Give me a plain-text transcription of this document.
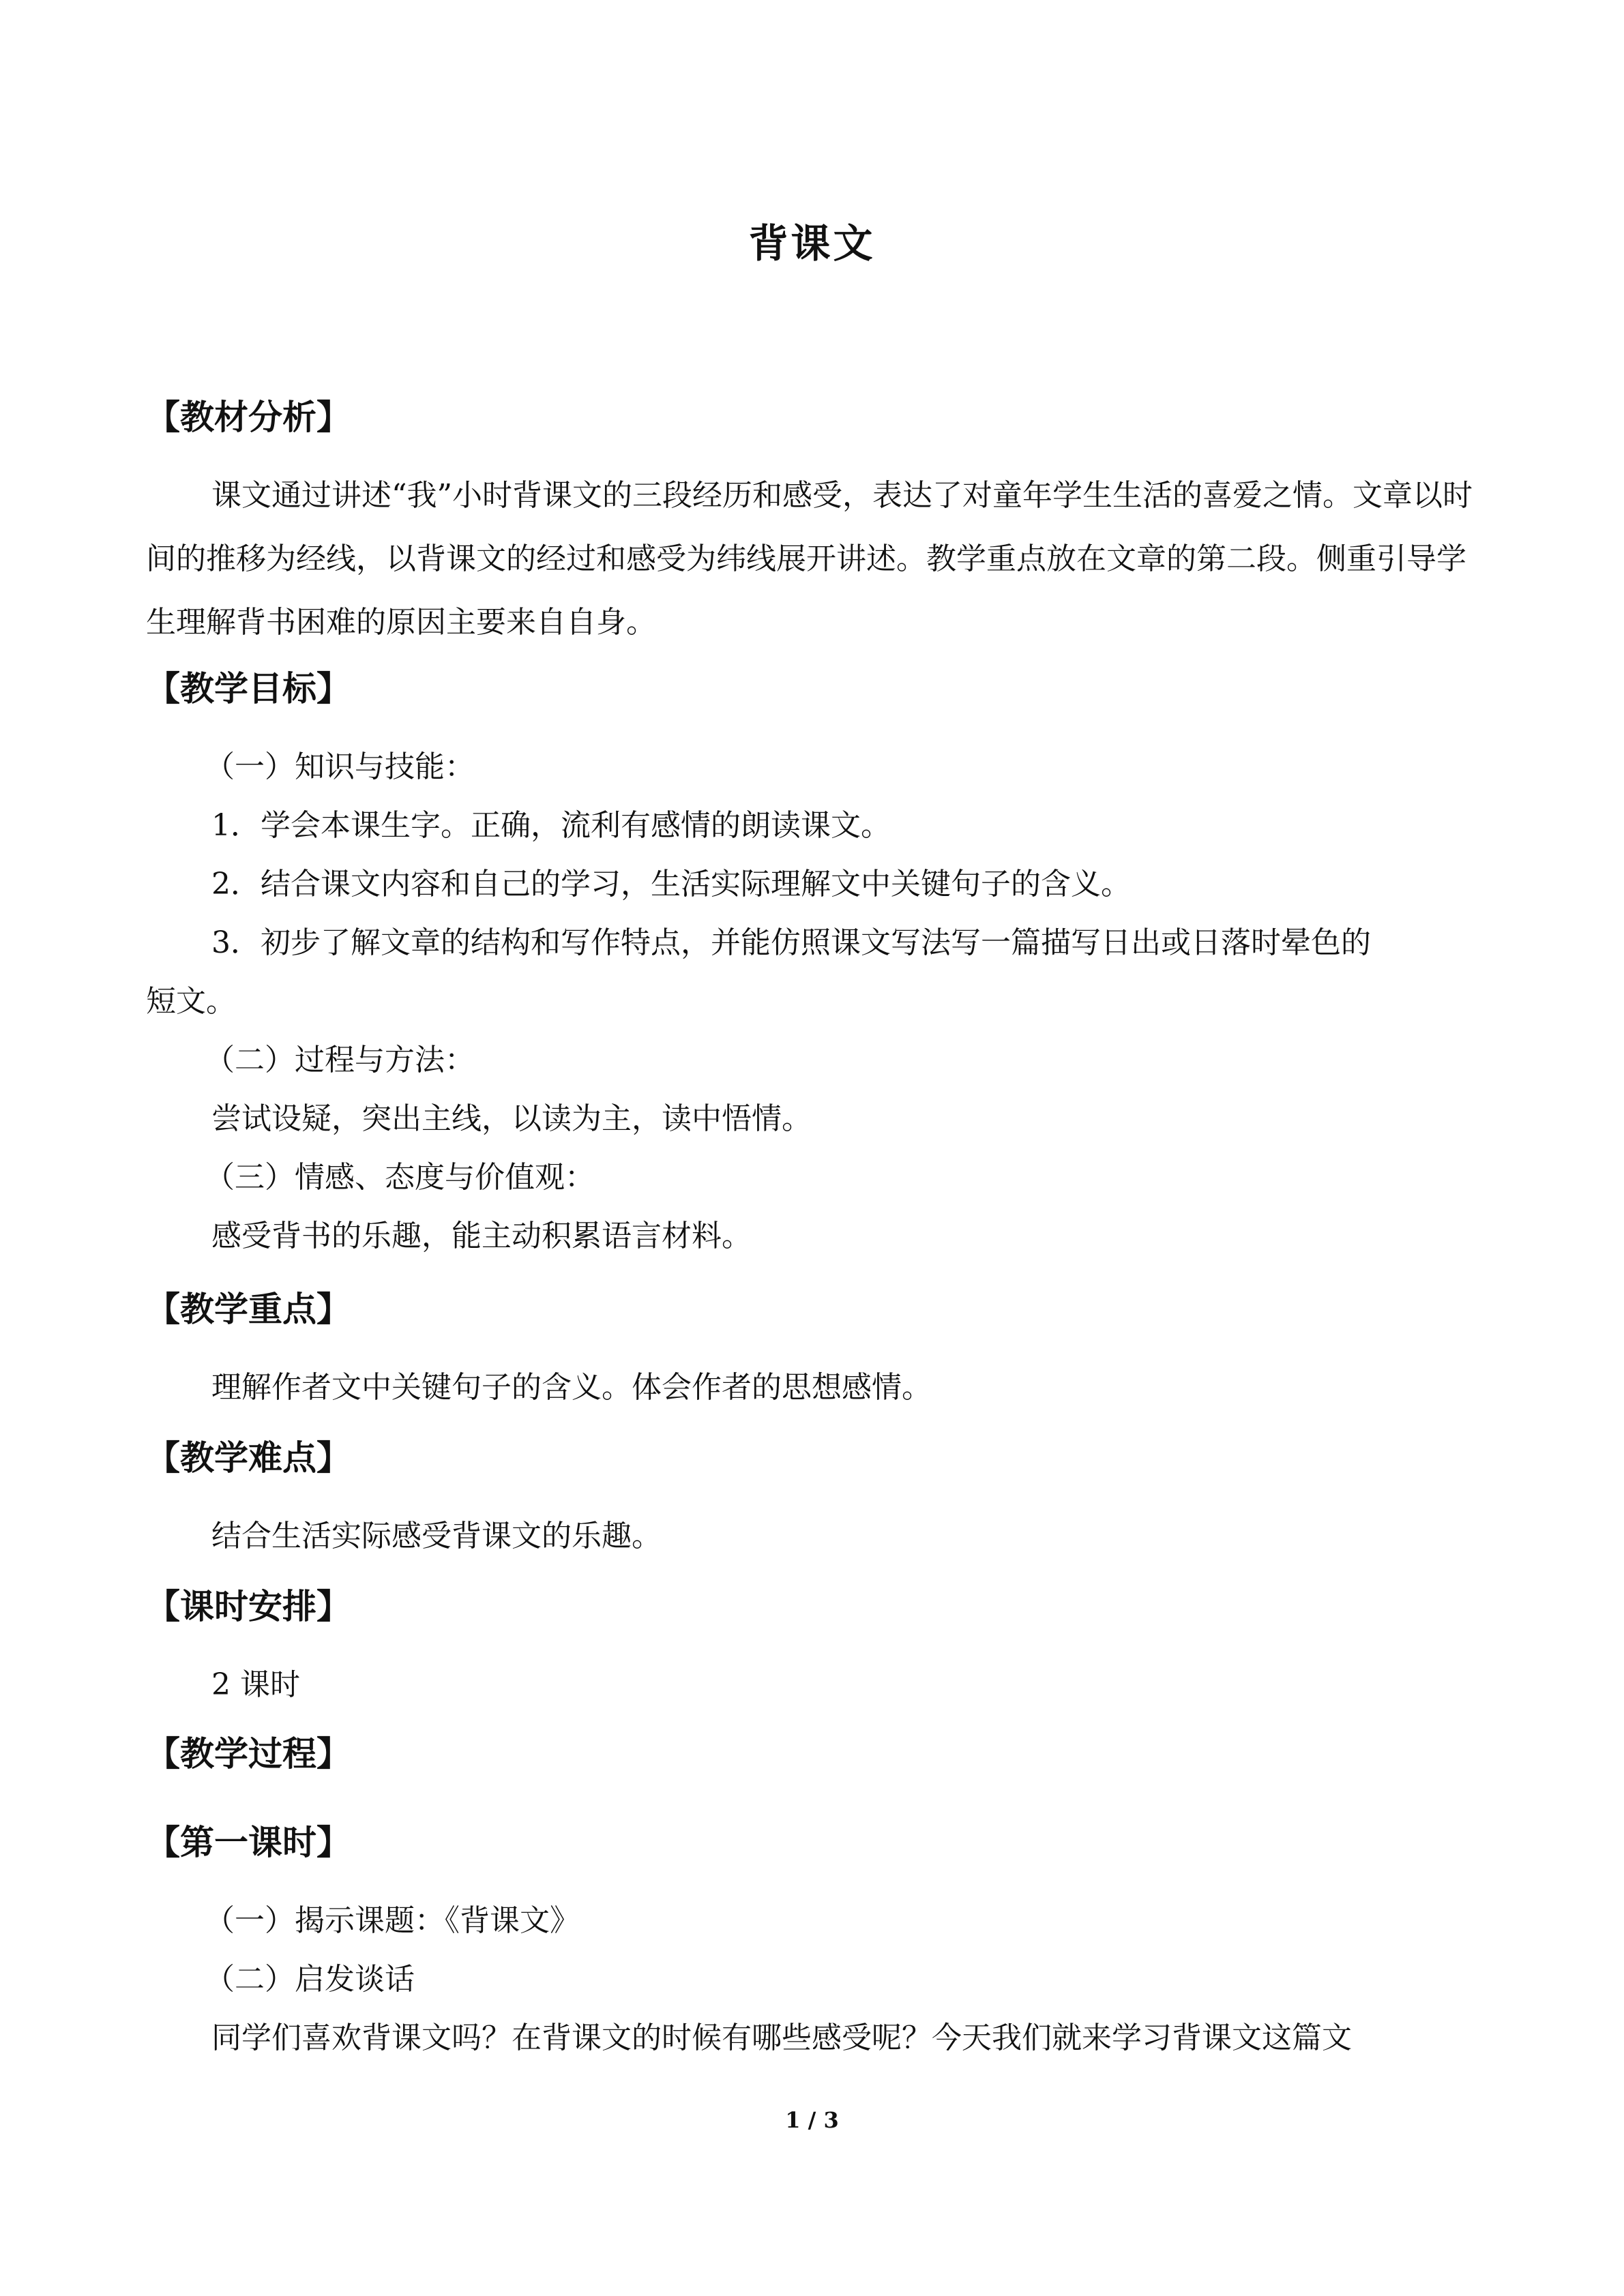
背课文
【教材分析】
课文通过讲述“我”小时背课文的三段经历和感受，表达了对童年学生生活的喜爱之情。文章以时间的推移为经线，以背课文的经过和感受为纬线展开讲述。教学重点放在文章的第二段。侧重引导学生理解背书困难的原因主要来自自身。
【教学目标】
（一）知识与技能：
1．学会本课生字。正确，流利有感情的朗读课文。
2．结合课文内容和自己的学习，生活实际理解文中关键句子的含义。
3．初步了解文章的结构和写作特点，并能仿照课文写法写一篇描写日出或日落时晕色的
短文。
（二）过程与方法：
尝试设疑，突出主线，以读为主，读中悟情。
（三）情感、态度与价值观：
感受背书的乐趣，能主动积累语言材料。
【教学重点】
理解作者文中关键句子的含义。体会作者的思想感情。
【教学难点】
结合生活实际感受背课文的乐趣。
【课时安排】
2 课时
【教学过程】
【第一课时】
（一）揭示课题：《背课文》
（二）启发谈话
同学们喜欢背课文吗？在背课文的时候有哪些感受呢？今天我们就来学习背课文这篇文
1 / 3
